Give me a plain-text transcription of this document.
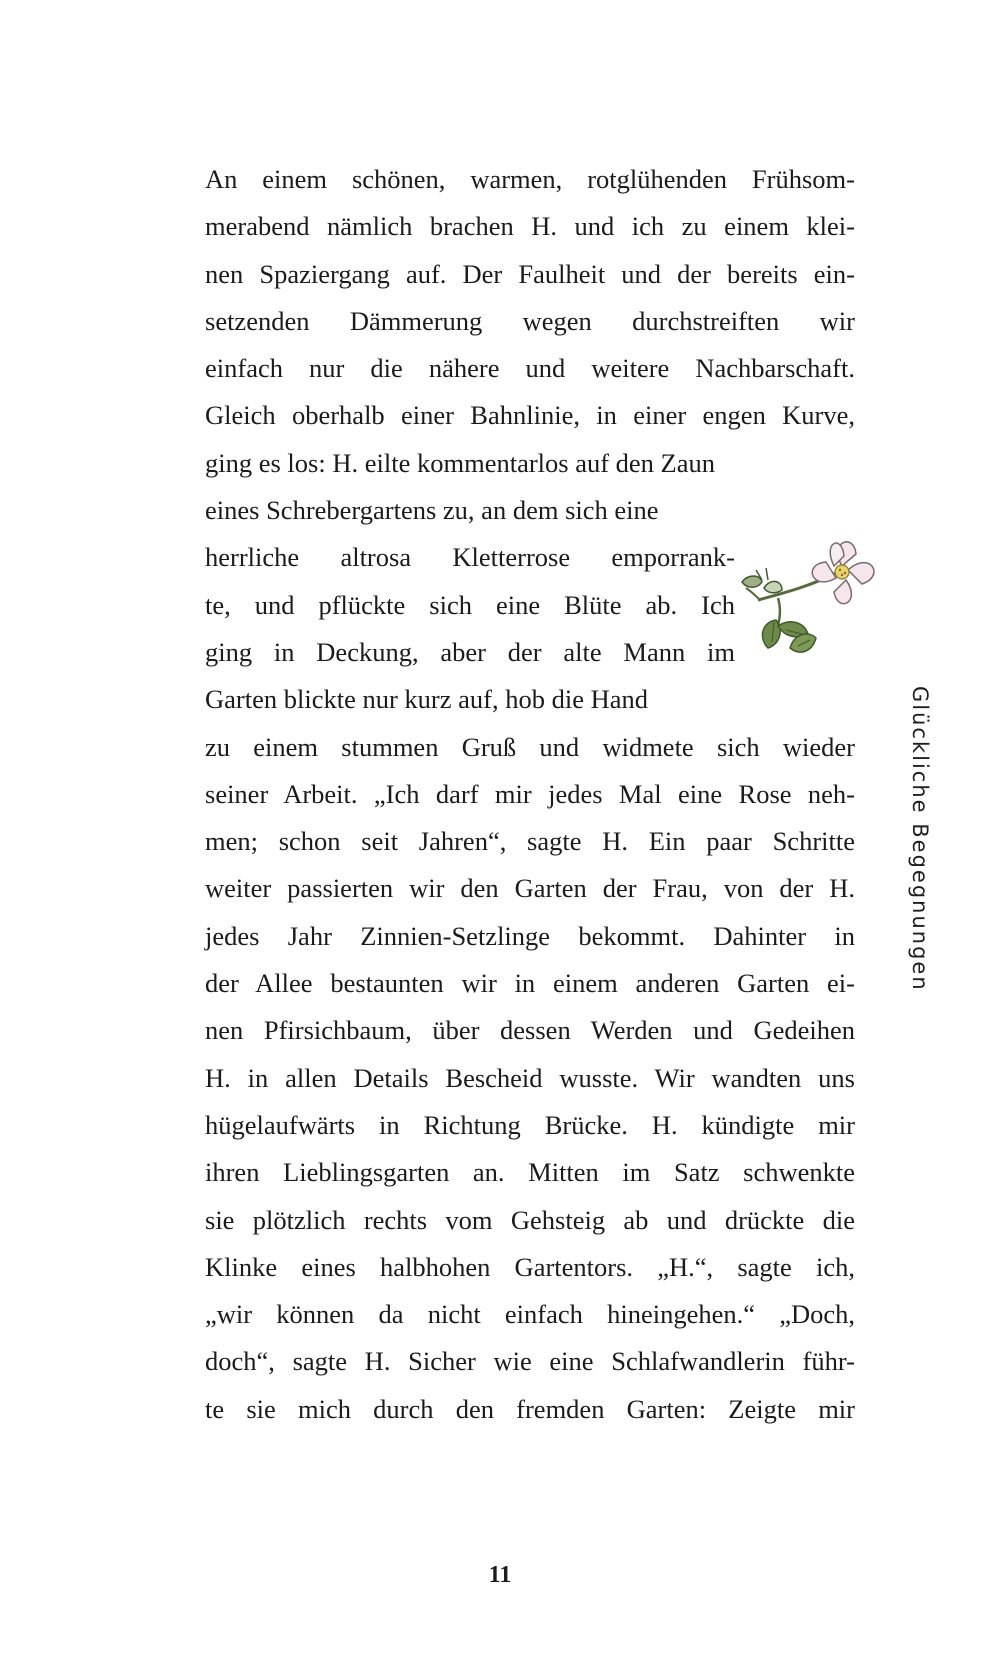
An einem schönen, warmen, rotglühenden Frühsom-
merabend nämlich brachen H. und ich zu einem klei-
nen Spaziergang auf. Der Faulheit und der bereits ein-
setzenden Dämmerung wegen durchstreiften wir
einfach nur die nähere und weitere Nachbarschaft.
Gleich oberhalb einer Bahnlinie, in einer engen Kurve,
ging es los: H. eilte kommentarlos auf den Zaun
eines Schrebergartens zu, an dem sich eine
herrliche altrosa Kletterrose emporrank-
te, und pflückte sich eine Blüte ab. Ich
ging in Deckung, aber der alte Mann im
Garten blickte nur kurz auf, hob die Hand
zu einem stummen Gruß und widmete sich wieder
seiner Arbeit. „Ich darf mir jedes Mal eine Rose neh-
men; schon seit Jahren“, sagte H. Ein paar Schritte
weiter passierten wir den Garten der Frau, von der H.
jedes Jahr Zinnien-Setzlinge bekommt. Dahinter in
der Allee bestaunten wir in einem anderen Garten ei-
nen Pfirsichbaum, über dessen Werden und Gedeihen
H. in allen Details Bescheid wusste. Wir wandten uns
hügelaufwärts in Richtung Brücke. H. kündigte mir
ihren Lieblingsgarten an. Mitten im Satz schwenkte
sie plötzlich rechts vom Gehsteig ab und drückte die
Klinke eines halbhohen Gartentors. „H.“, sagte ich,
„wir können da nicht einfach hineingehen.“ „Doch,
doch“, sagte H. Sicher wie eine Schlafwandlerin führ-
te sie mich durch den fremden Garten: Zeigte mir
Glückliche Begegnungen
11
